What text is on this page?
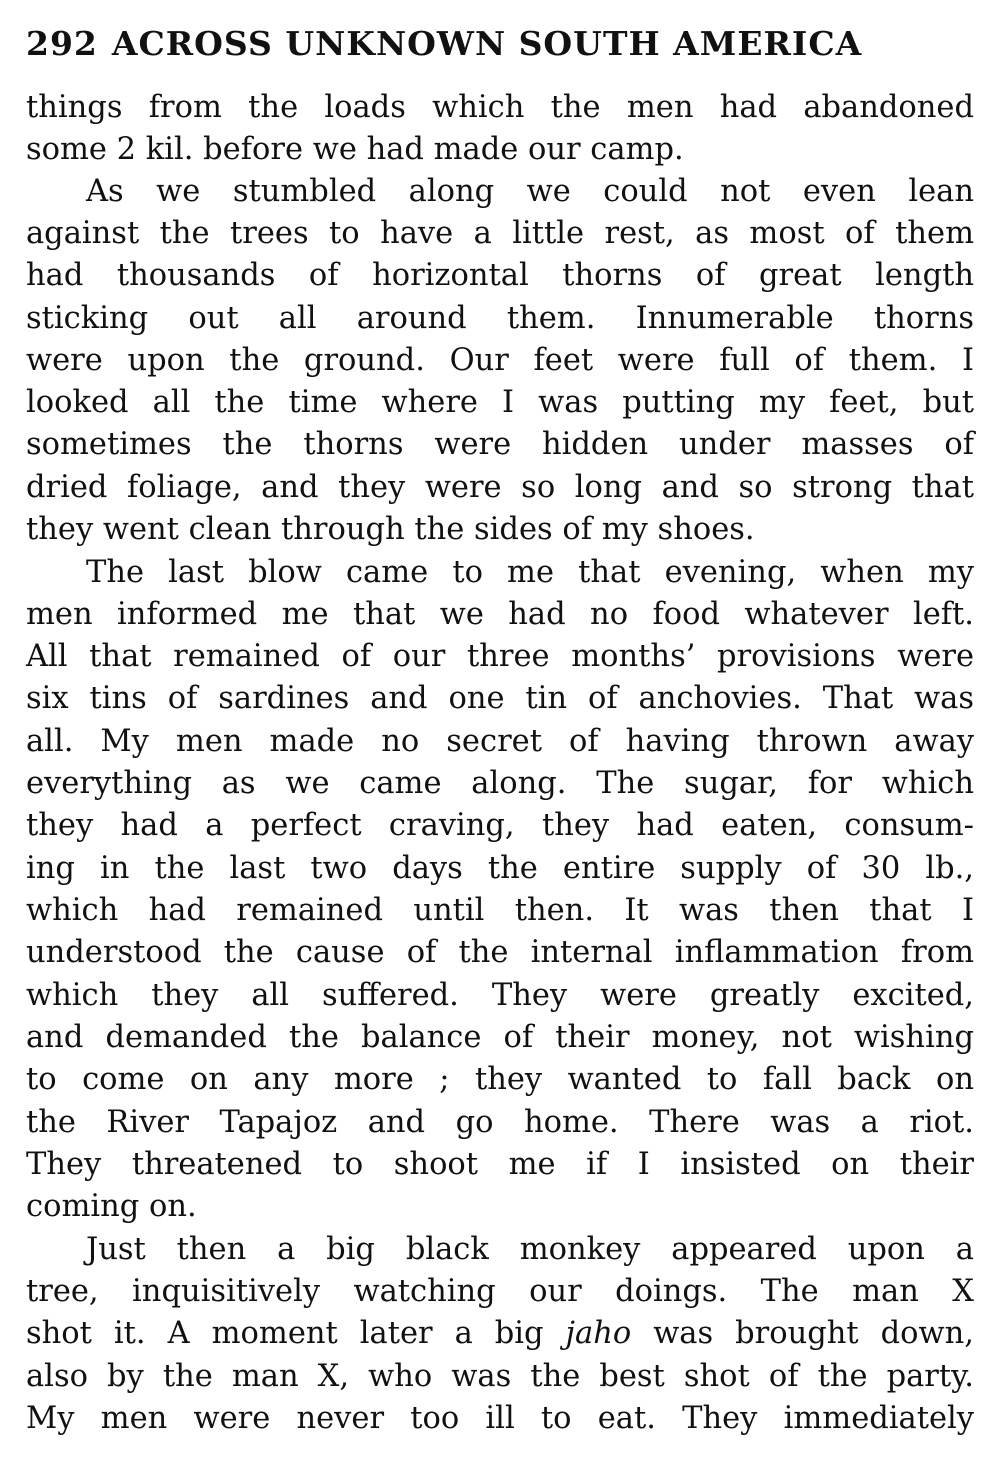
292 ACROSS UNKNOWN SOUTH AMERICA
things from the loads which the men had abandoned
some 2 kil. before we had made our camp.
As we stumbled along we could not even lean
against the trees to have a little rest, as most of them
had thousands of horizontal thorns of great length
sticking out all around them. Innumerable thorns
were upon the ground. Our feet were full of them. I
looked all the time where I was putting my feet, but
sometimes the thorns were hidden under masses of
dried foliage, and they were so long and so strong that
they went clean through the sides of my shoes.
The last blow came to me that evening, when my
men informed me that we had no food whatever left.
All that remained of our three months’ provisions were
six tins of sardines and one tin of anchovies. That was
all. My men made no secret of having thrown away
everything as we came along. The sugar, for which
they had a perfect craving, they had eaten, consum-
ing in the last two days the entire supply of 30 lb.,
which had remained until then. It was then that I
understood the cause of the internal inflammation from
which they all suffered. They were greatly excited,
and demanded the balance of their money, not wishing
to come on any more ; they wanted to fall back on
the River Tapajoz and go home. There was a riot.
They threatened to shoot me if I insisted on their
coming on.
Just then a big black monkey appeared upon a
tree, inquisitively watching our doings. The man X
shot it. A moment later a big jaho was brought down,
also by the man X, who was the best shot of the party.
My men were never too ill to eat. They immediately
